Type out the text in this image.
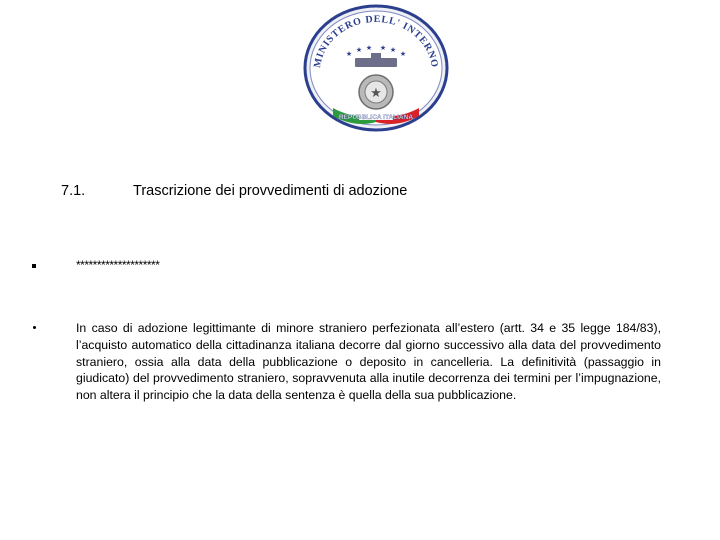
MINISTERO DELL' INTERNO
★ ★ ★ ★ ★ ★
★
REPUBBLICA ITALIANA
7.1.	Trascrizione dei provvedimenti di adozione
********************

In caso di adozione legittimante di minore straniero perfezionata all’estero (artt. 34 e 35 legge 184/83), l’acquisto automatico della cittadinanza italiana decorre dal giorno successivo alla data del provvedimento straniero, ossia alla data della pubblicazione o deposito in cancelleria. La definitività (passaggio in giudicato) del provvedimento straniero, sopravvenuta alla inutile decorrenza dei termini per l’impugnazione, non altera il principio che la data della sentenza è quella della sua pubblicazione.
